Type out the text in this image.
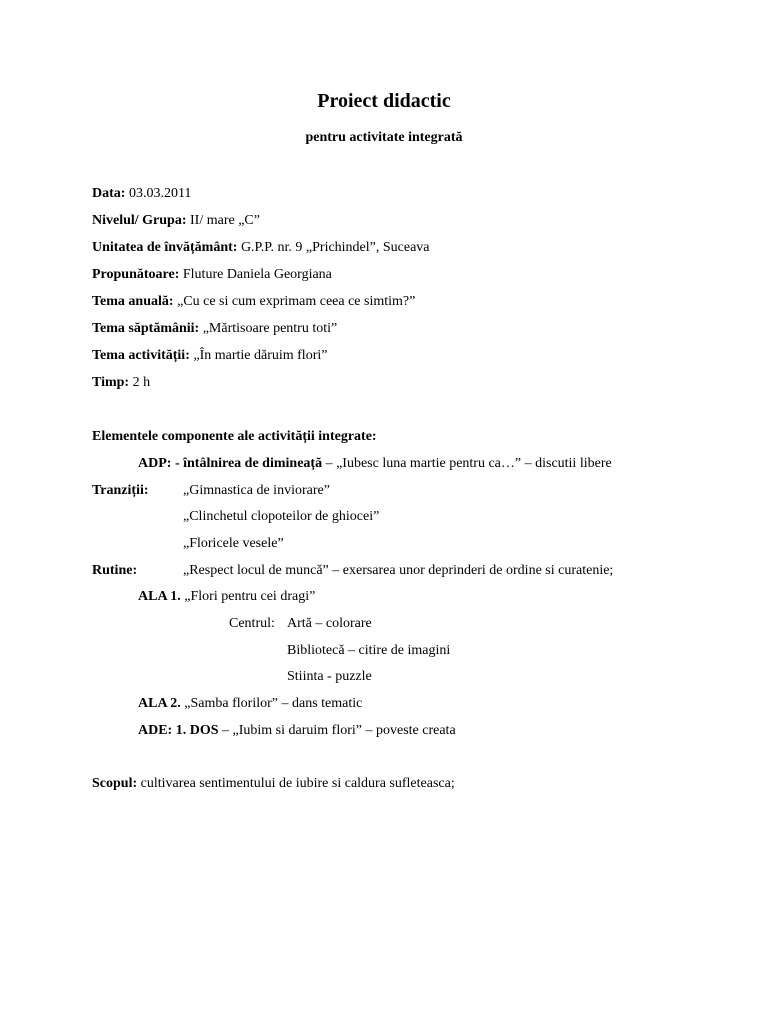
Proiect didactic
pentru activitate integrată
Data: 03.03.2011
Nivelul/ Grupa: II/ mare „C”
Unitatea de învățământ: G.P.P. nr. 9 „Prichindel”, Suceava
Propunătoare: Fluture Daniela Georgiana
Tema anuală: „Cu ce si cum exprimam ceea ce simtim?”
Tema săptămânii: „Mărtisoare pentru toti”
Tema activității: „În martie dăruim flori”
Timp: 2 h
Elementele componente ale activității integrate:
ADP: - întâlnirea de dimineață – „Iubesc luna martie pentru ca…” – discutii libere
Tranziții: „Gimnastica de inviorare”
„Clinchetul clopoteilor de ghiocei”
„Floricele vesele”
Rutine:	„Respect locul de muncă” – exersarea unor deprinderi de ordine si curatenie;
ALA 1. „Flori pentru cei dragi”
Centrul: Artă – colorare
Bibliotecă – citire de imagini
Stiinta - puzzle
ALA 2. „Samba florilor” – dans tematic
ADE: 1. DOS – „Iubim si daruim flori” – poveste creata
Scopul: cultivarea sentimentului de iubire si caldura sufleteasca;
